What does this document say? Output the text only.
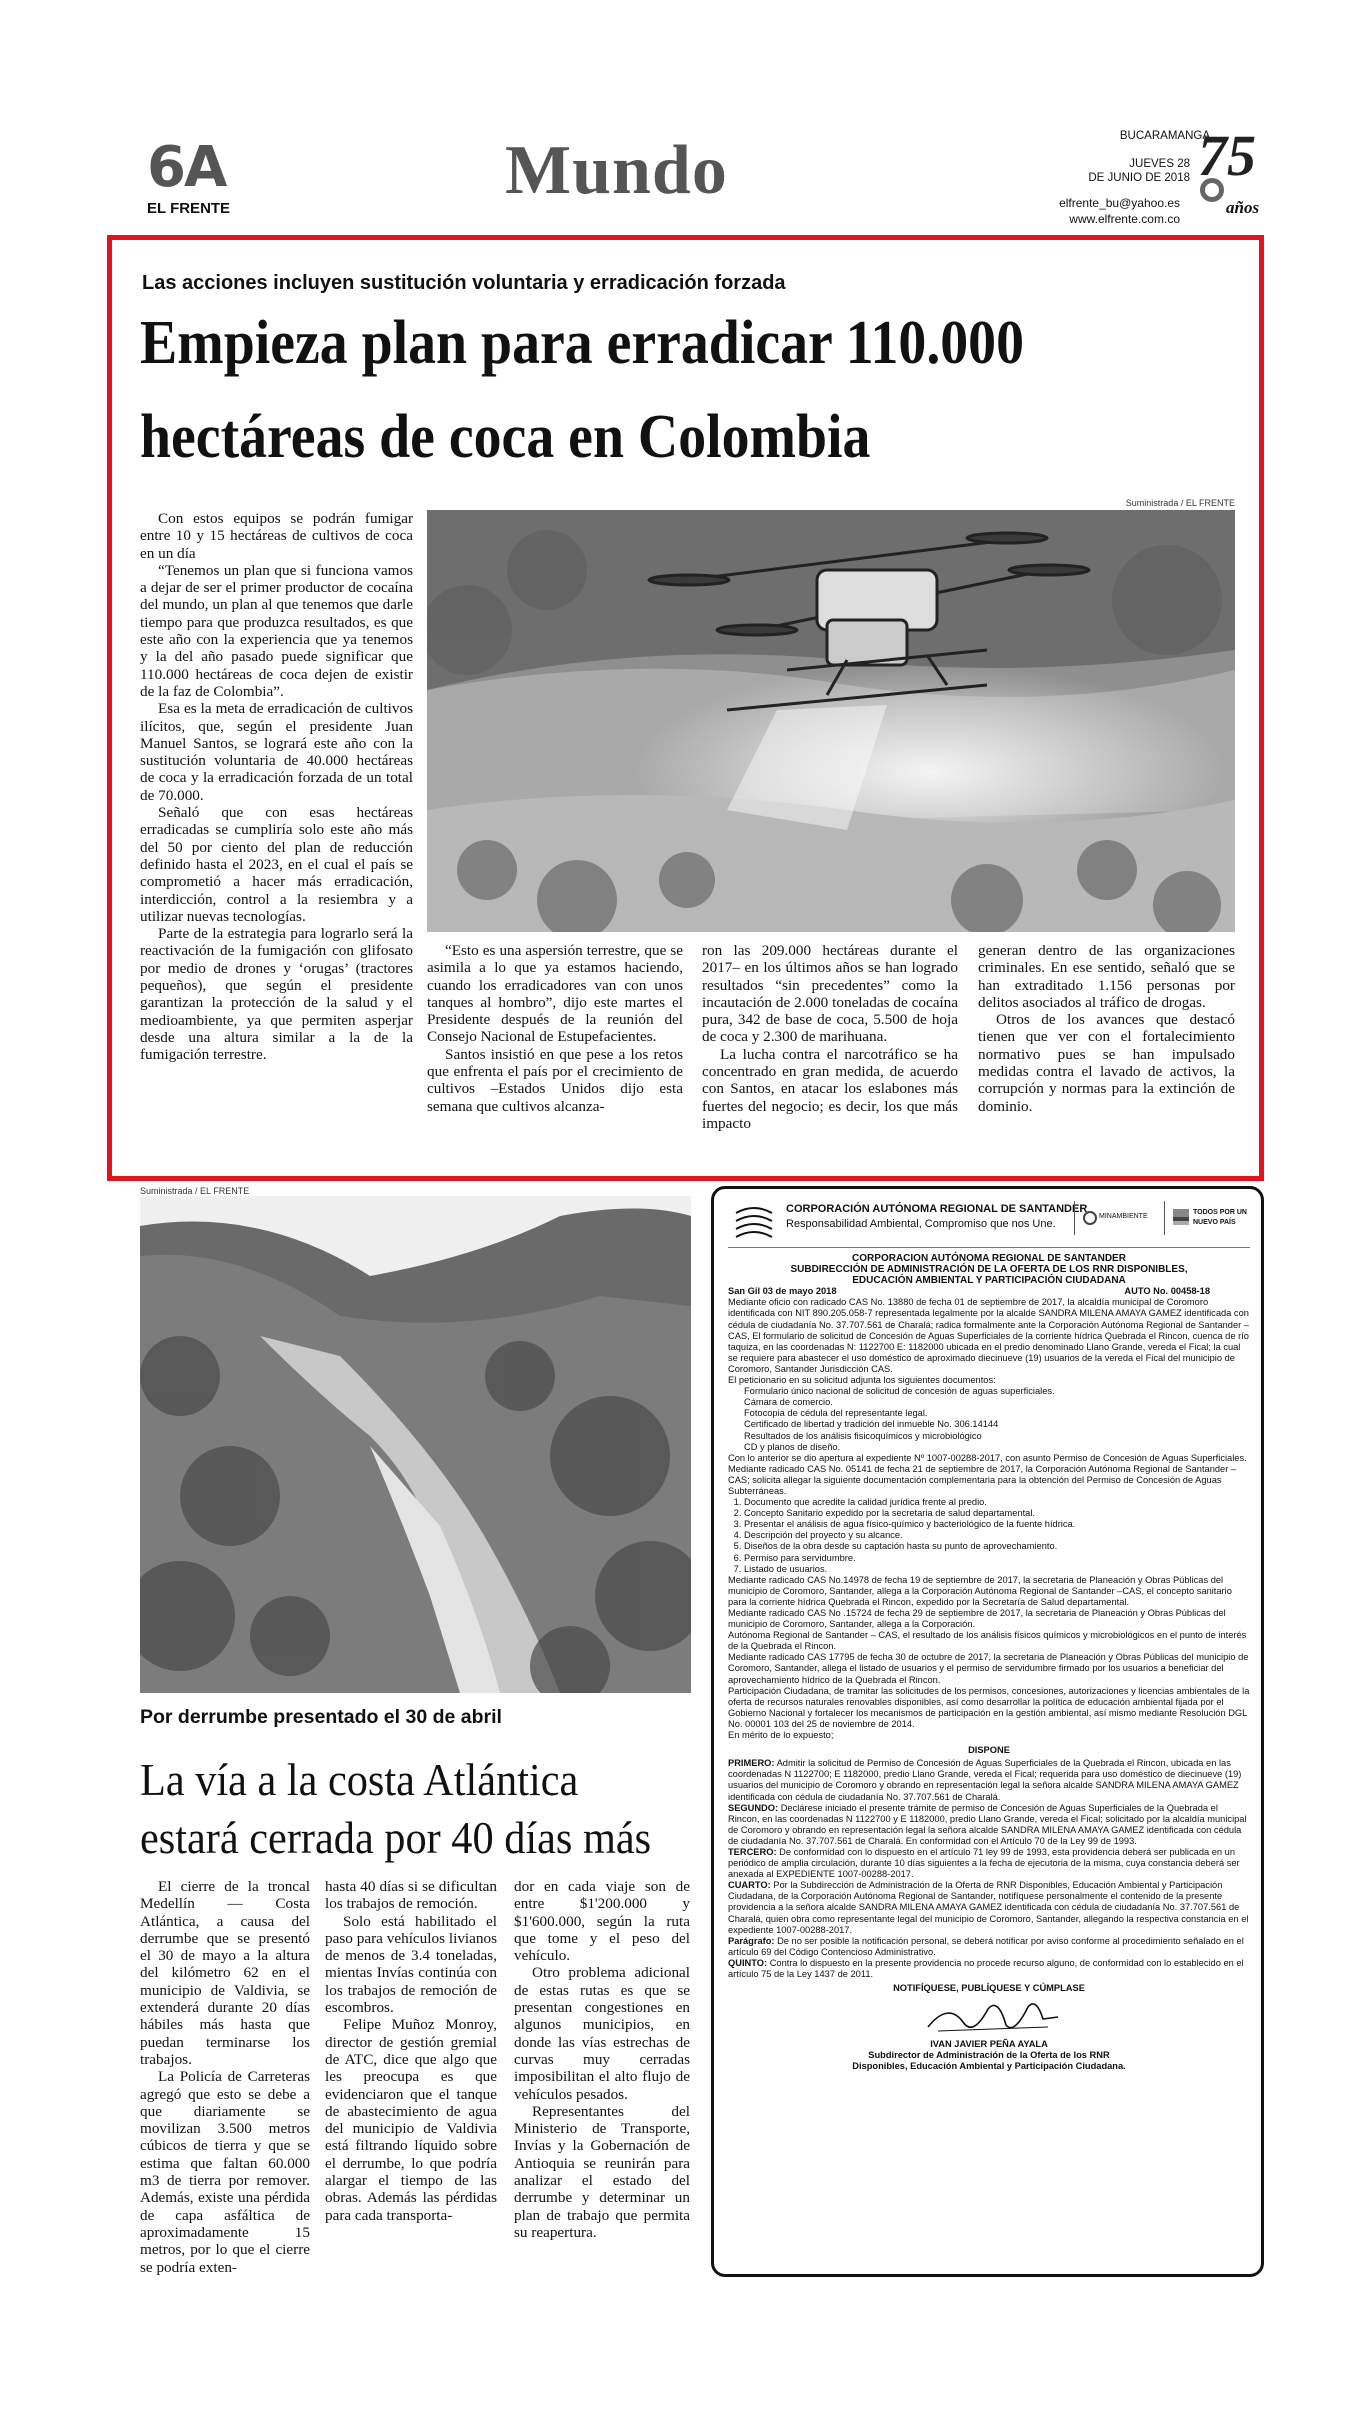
6A
EL FRENTE	Mundo	BUCARAMANGA
JUEVES 28
DE JUNIO DE 2018
elfrente_bu@yahoo.es
www.elfrente.com.co
75
años
Las acciones incluyen sustitución voluntaria y erradicación forzada
Empieza plan para erradicar 110.000
hectáreas de coca en Colombia

Con estos equipos se podrán fumigar entre 10 y 15 hectáreas de cultivos de coca en un día

“Tenemos un plan que si funciona vamos a dejar de ser el primer productor de cocaína del mundo, un plan al que tenemos que darle tiempo para que produzca resultados, es que este año con la experiencia que ya tenemos y la del año pasado puede significar que 110.000 hectáreas de coca dejen de existir de la faz de Colombia”.

Esa es la meta de erradicación de cultivos ilícitos, que, según el presidente Juan Manuel Santos, se logrará este año con la sustitución voluntaria de 40.000 hectáreas de coca y la erradicación forzada de un total de 70.000.

Señaló que con esas hectáreas erradicadas se cumpliría solo este año más del 50 por ciento del plan de reducción definido hasta el 2023, en el cual el país se comprometió a hacer más erradicación, interdicción, control a la resiembra y a utilizar nuevas tecnologías.

Parte de la estrategia para lograrlo será la reactivación de la fumigación con glifosato por medio de drones y ‘orugas’ (tractores pequeños), que según el presidente garantizan la protección de la salud y el medioambiente, ya que permiten asperjar desde una altura similar a la de la fumigación terrestre.

Suministrada / EL FRENTE

“Esto es una aspersión terrestre, que se asimila a lo que ya estamos haciendo, cuando los erradicadores van con unos tanques al hombro”, dijo este martes el Presidente después de la reunión del Consejo Nacional de Estupefacientes.

Santos insistió en que pese a los retos que enfrenta el país por el crecimiento de cultivos –Estados Unidos dijo esta semana que cultivos alcanza-

ron las 209.000 hectáreas durante el 2017– en los últimos años se han logrado resultados “sin precedentes” como la incautación de 2.000 toneladas de cocaína pura, 342 de base de coca, 5.500 de hoja de coca y 2.300 de marihuana.

La lucha contra el narcotráfico se ha concentrado en gran medida, de acuerdo con Santos, en atacar los eslabones más fuertes del negocio; es decir, los que más impacto

generan dentro de las organizaciones criminales. En ese sentido, señaló que se han extraditado 1.156 personas por delitos asociados al tráfico de drogas.

Otros de los avances que destacó tienen que ver con el fortalecimiento normativo pues se han impulsado medidas contra el lavado de activos, la corrupción y normas para la extinción de dominio.

Suministrada / EL FRENTE
Por derrumbe presentado el 30 de abril
La vía a la costa Atlántica
estará cerrada por 40 días más

El cierre de la troncal Medellín — Costa Atlántica, a causa del derrumbe que se presentó el 30 de mayo a la altura del kilómetro 62 en el municipio de Valdivia, se extenderá durante 20 días hábiles más hasta que puedan terminarse los trabajos.

La Policía de Carreteras agregó que esto se debe a que diariamente se movilizan 3.500 metros cúbicos de tierra y que se estima que faltan 60.000 m3 de tierra por remover. Además, existe una pérdida de capa asfáltica de aproximadamente 15 metros, por lo que el cierre se podría exten-

hasta 40 días si se dificultan los trabajos de remoción.

Solo está habilitado el paso para vehículos livianos de menos de 3.4 toneladas, mientas Invías continúa con los trabajos de remoción de escombros.

Felipe Muñoz Monroy, director de gestión gremial de ATC, dice que algo que les preocupa es que evidenciaron que el tanque de abastecimiento de agua del municipio de Valdivia está filtrando líquido sobre el derrumbe, lo que podría alargar el tiempo de las obras. Además las pérdidas para cada transporta-

dor en cada viaje son de entre $1'200.000 y $1'600.000, según la ruta que tome y el peso del vehículo.

Otro problema adicional de estas rutas es que se presentan congestiones en algunos municipios, en donde las vías estrechas de curvas muy cerradas imposibilitan el alto flujo de vehículos pesados.

Representantes del Ministerio de Transporte, Invías y la Gobernación de Antioquia se reunirán para analizar el estado del derrumbe y determinar un plan de trabajo que permita su reapertura.

CORPORACIÓN AUTÓNOMA REGIONAL DE SANTANDER
Responsabilidad Ambiental, Compromiso que nos Une.
MINAMBIENTE
TODOS POR UN
NUEVO PAÍS

CORPORACION AUTÓNOMA REGIONAL DE SANTANDER

SUBDIRECCIÓN DE ADMINISTRACIÓN DE LA OFERTA DE LOS RNR DISPONIBLES,

EDUCACIÓN AMBIENTAL Y PARTICIPACIÓN CIUDADANA

San Gil 03 de mayo 2018	AUTO No. 00458-18

Mediante oficio con radicado CAS No. 13880 de fecha 01 de septiembre de 2017, la alcaldía municipal de Coromoro identificada con NIT 890.205.058-7 representada legalmente por la alcalde SANDRA MILENA AMAYA GAMEZ identificada con cédula de ciudadanía No. 37.707.561 de Charalá; radica formalmente ante la Corporación Autónoma Regional de Santander –CAS, El formulario de solicitud de Concesión de Aguas Superficiales de la corriente hídrica Quebrada el Rincon, cuenca de río taquiza, en las coordenadas N: 1122700 E: 1182000 ubicada en el predio denominado Llano Grande, vereda el Fical; la cual se requiere para abastecer el uso doméstico de aproximado diecinueve (19) usuarios de la vereda el Fical del municipio de Coromoro, Santander Jurisdicción CAS.

El peticionario en su solicitud adjunta los siguientes documentos:

Formulario único nacional de solicitud de concesión de aguas superficiales.
Cámara de comercio.
Fotocopia de cédula del representante legal.
Certificado de libertad y tradición del inmueble No. 306.14144
Resultados de los análisis fisicoquímicos y microbiológico
CD y planos de diseño.

Con lo anterior se dio apertura al expediente Nº 1007-00288-2017, con asunto Permiso de Concesión de Aguas Superficiales.

Mediante radicado CAS No. 05141 de fecha 21 de septiembre de 2017, la Corporación Autónoma Regional de Santander –CAS; solicita allegar la siguiente documentación complementaria para la obtención del Permiso de Concesión de Aguas Subterráneas.

1. Documento que acredite la calidad jurídica frente al predio.
2. Concepto Sanitario expedido por la secretaria de salud departamental.
3. Presentar el análisis de agua físico-químico y bacteriológico de la fuente hídrica.
4. Descripción del proyecto y su alcance.
5. Diseños de la obra desde su captación hasta su punto de aprovechamiento.
6. Permiso para servidumbre.
7. Listado de usuarios.

Mediante radicado CAS No.14978 de fecha 19 de septiembre de 2017, la secretaria de Planeación y Obras Públicas del municipio de Coromoro, Santander, allega a la Corporación Autónoma Regional de Santander –CAS, el concepto sanitario para la corriente hídrica Quebrada el Rincon, expedido por la Secretaría de Salud departamental.

Mediante radicado CAS No .15724 de fecha 29 de septiembre de 2017, la secretaria de Planeación y Obras Públicas del municipio de Coromoro, Santander, allega a la Corporación.

Autónoma Regional de Santander – CAS, el resultado de los análisis físicos químicos y microbiológicos en el punto de interés de la Quebrada el Rincon.

Mediante radicado CAS 17795 de fecha 30 de octubre de 2017, la secretaria de Planeación y Obras Públicas del municipio de Coromoro, Santander, allega el listado de usuarios y el permiso de servidumbre firmado por los usuarios a beneficiar del aprovechamiento hídrico de la Quebrada el Rincon.

Participación Ciudadana, de tramitar las solicitudes de los permisos, concesiones, autorizaciones y licencias ambientales de la oferta de recursos naturales renovables disponibles, así como desarrollar la política de educación ambiental fijada por el Gobierno Nacional y fortalecer los mecanismos de participación en la gestión ambiental, así mismo mediante Resolución DGL No. 00001 103 del 25 de noviembre de 2014.

En mérito de lo expuesto;

DISPONE

PRIMERO: Admitir la solicitud de Permiso de Concesión de Aguas Superficiales de la Quebrada el Rincon, ubicada en las coordenadas N 1122700; E 1182000, predio Llano Grande, vereda el Fical; requerida para uso doméstico de diecinueve (19) usuarios del municipio de Coromoro y obrando en representación legal la señora alcalde SANDRA MILENA AMAYA GAMEZ identificada con cédula de ciudadanía No. 37.707.561 de Charalá.

SEGUNDO: Declárese iniciado el presente trámite de permiso de Concesión de Aguas Superficiales de la Quebrada el Rincon, en las coordenadas N 1122700 y E 1182000, predio Llano Grande, vereda el Fical; solicitado por la alcaldía municipal de Coromoro y obrando en representación legal la señora alcalde SANDRA MILENA AMAYA GAMEZ identificada con cédula de ciudadanía No. 37.707.561 de Charalá. En conformidad con el Artículo 70 de la Ley 99 de 1993.

TERCERO: De conformidad con lo dispuesto en el artículo 71 ley 99 de 1993, esta providencia deberá ser publicada en un periódico de amplia circulación, durante 10 días siguientes a la fecha de ejecutoria de la misma, cuya constancia deberá ser anexada al EXPEDIENTE 1007-00288-2017.

CUARTO: Por la Subdirección de Administración de la Oferta de RNR Disponibles, Educación Ambiental y Participación Ciudadana, de la Corporación Autónoma Regional de Santander, notifíquese personalmente el contenido de la presente providencia a la señora alcalde SANDRA MILENA AMAYA GAMEZ identificada con cédula de ciudadanía No. 37.707.561 de Charalá, quien obra como representante legal del municipio de Coromoro, Santander, allegando la respectiva constancia en el expediente 1007-00288-2017.

Parágrafo: De no ser posible la notificación personal, se deberá notificar por aviso conforme al procedimiento señalado en el artículo 69 del Código Contencioso Administrativo.

QUINTO: Contra lo dispuesto en la presente providencia no procede recurso alguno, de conformidad con lo establecido en el artículo 75 de la Ley 1437 de 2011.

NOTIFÍQUESE, PUBLÍQUESE Y CÚMPLASE

IVAN JAVIER PEÑA AYALA

Subdirector de Administración de la Oferta de los RNR

Disponibles, Educación Ambiental y Participación Ciudadana.
